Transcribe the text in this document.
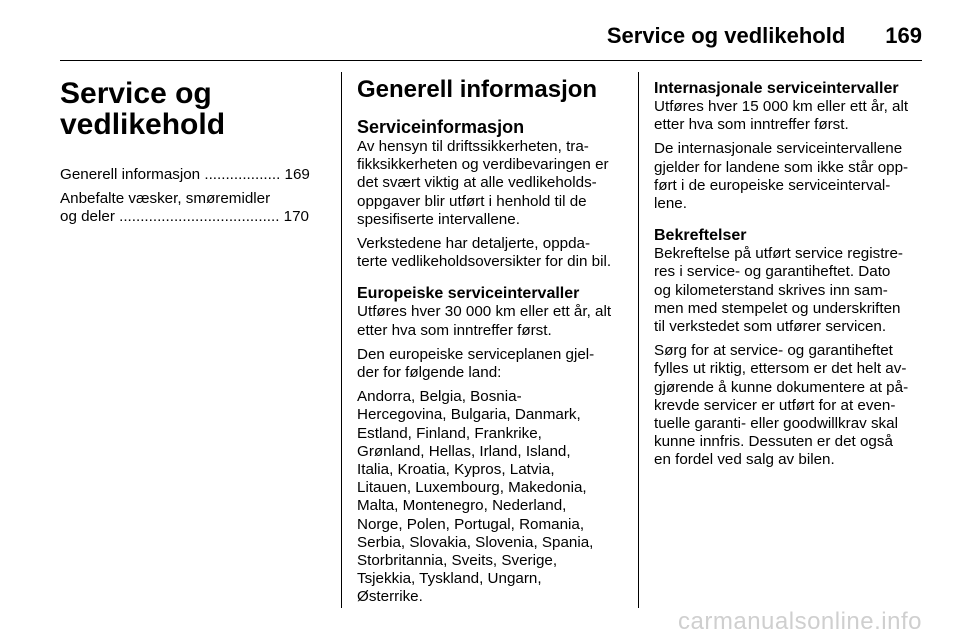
Service og vedlikehold 169
Service og
vedlikehold
Generell informasjon .................. 169
Anbefalte væsker, smøremidler
og deler ...................................... 170
Generell informasjon
Serviceinformasjon

Av hensyn til driftssikkerheten, tra-
fikksikkerheten og verdibevaringen er
det svært viktig at alle vedlikeholds-
oppgaver blir utført i henhold til de
spesifiserte intervallene.

Verkstedene har detaljerte, oppda-
terte vedlikeholdsoversikter for din bil.

Europeiske serviceintervaller

Utføres hver 30 000 km eller ett år, alt
etter hva som inntreffer først.

Den europeiske serviceplanen gjel-
der for følgende land:

Andorra, Belgia, Bosnia-
Hercegovina, Bulgaria, Danmark,
Estland, Finland, Frankrike,
Grønland, Hellas, Irland, Island,
Italia, Kroatia, Kypros, Latvia,
Litauen, Luxembourg, Makedonia,
Malta, Montenegro, Nederland,
Norge, Polen, Portugal, Romania,
Serbia, Slovakia, Slovenia, Spania,
Storbritannia, Sveits, Sverige,
Tsjekkia, Tyskland, Ungarn,
Østerrike.

Internasjonale serviceintervaller

Utføres hver 15 000 km eller ett år, alt
etter hva som inntreffer først.

De internasjonale serviceintervallene
gjelder for landene som ikke står opp-
ført i de europeiske serviceinterval-
lene.

Bekreftelser

Bekreftelse på utført service registre-
res i service- og garantiheftet. Dato
og kilometerstand skrives inn sam-
men med stempelet og underskriften
til verkstedet som utfører servicen.

Sørg for at service- og garantiheftet
fylles ut riktig, ettersom er det helt av-
gjørende å kunne dokumentere at på-
krevde servicer er utført for at even-
tuelle garanti- eller goodwillkrav skal
kunne innfris. Dessuten er det også
en fordel ved salg av bilen.

carmanualsonline.info
